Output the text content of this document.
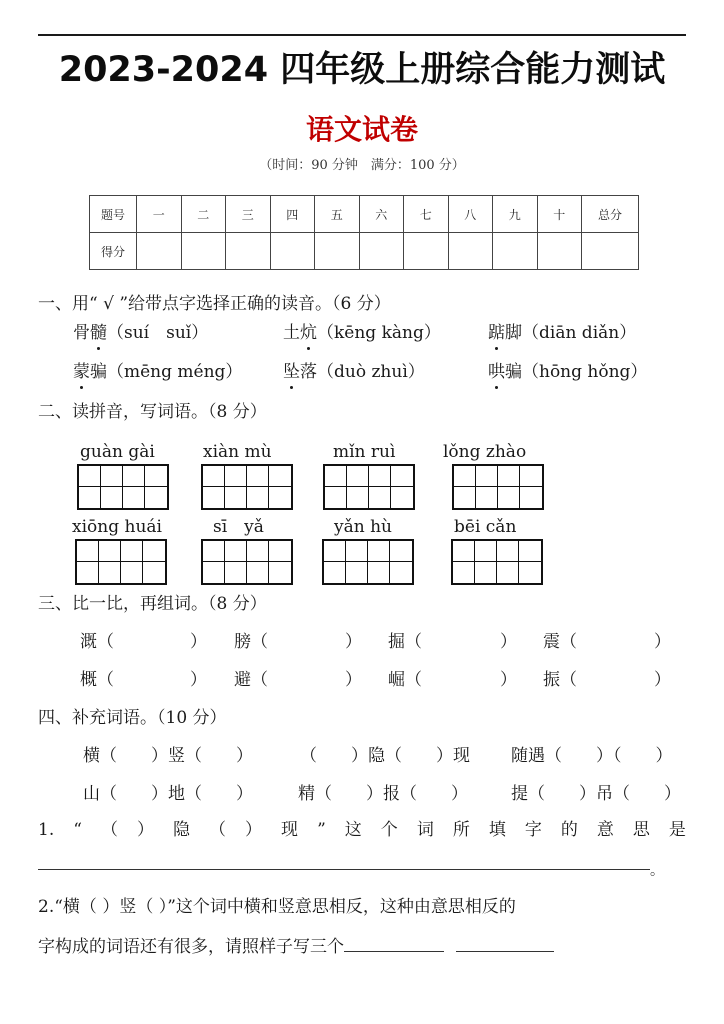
2023-2024 四年级上册综合能力测试
语文试卷
（时间：90 分钟　满分：100 分）
题号	一	二	三	四	五	六	七	八	九	十	总分
得分											
一、用“ √ ”给带点字选择正确的读音。（6 分）
骨髓（suí　suǐ）	土炕（kēng kàng）	踮脚（diān diǎn）
蒙骗（mēng méng） 坠落（duò zhuì）	哄骗（hōng hǒng）
二、读拼音，写词语。（8 分）
guàn gài	xiàn mù	mǐn ruì	lǒng zhào
xiōng huái	sī　yǎ	yǎn hù	bēi cǎn
三、比一比，再组词。（8 分）
溉（	） 膀（	） 掘（	） 震（	）
概（	） 避（	） 崛（	） 振（	）
四、补充词语。（10 分）
横（　　）竖（　　）	（　　）隐（　　）现 随遇（　　）（　　）
山（　　）地（　　）	精（　　）报（　　）	提（　　）吊（　　）
1. “ （ ） 隐 （ ） 现 ” 这 个 词 所 填 字 的 意 思 是
。
2.“横（ ）竖（ ）”这个词中横和竖意思相反，这种由意思相反的
字构成的词语还有很多，请照样子写三个
